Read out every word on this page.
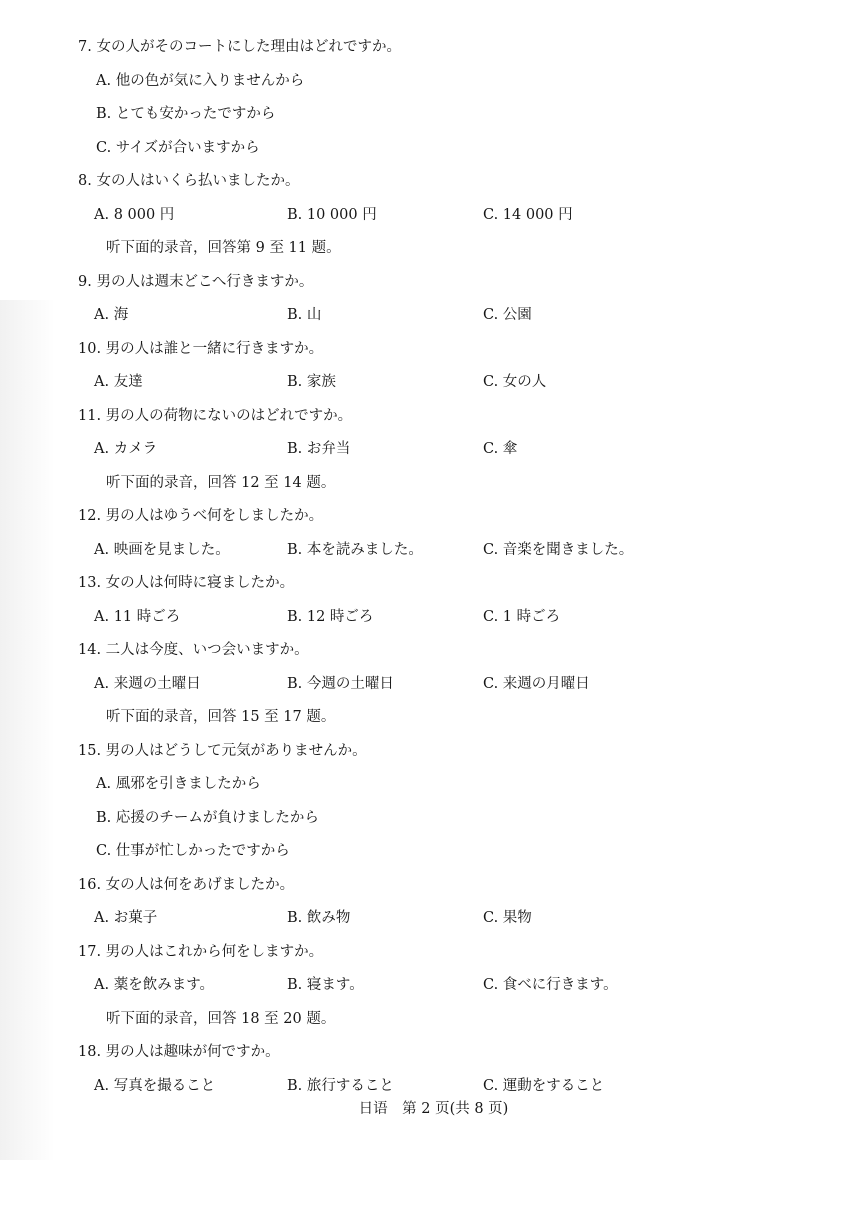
7. 女の人がそのコートにした理由はどれですか。
A. 他の色が気に入りませんから
B. とても安かったですから
C. サイズが合いますから
8. 女の人はいくら払いましたか。
A. 8 000 円	B. 10 000 円	C. 14 000 円
听下面的录音，回答第 9 至 11 题。
9. 男の人は週末どこへ行きますか。
A. 海	B. 山	C. 公園
10. 男の人は誰と一緒に行きますか。
A. 友達	B. 家族	C. 女の人
11. 男の人の荷物にないのはどれですか。
A. カメラ	B. お弁当	C. 傘
听下面的录音，回答 12 至 14 题。
12. 男の人はゆうべ何をしましたか。
A. 映画を見ました。	B. 本を読みました。	C. 音楽を聞きました。
13. 女の人は何時に寝ましたか。
A. 11 時ごろ	B. 12 時ごろ	C. 1 時ごろ
14. 二人は今度、いつ会いますか。
A. 来週の土曜日	B. 今週の土曜日	C. 来週の月曜日
听下面的录音，回答 15 至 17 题。
15. 男の人はどうして元気がありませんか。
A. 風邪を引きましたから
B. 応援のチームが負けましたから
C. 仕事が忙しかったですから
16. 女の人は何をあげましたか。
A. お菓子	B. 飲み物	C. 果物
17. 男の人はこれから何をしますか。
A. 薬を飲みます。	B. 寝ます。	C. 食べに行きます。
听下面的录音，回答 18 至 20 题。
18. 男の人は趣味が何ですか。
A. 写真を撮ること	B. 旅行すること	C. 運動をすること
日语　第 2 页(共 8 页)
